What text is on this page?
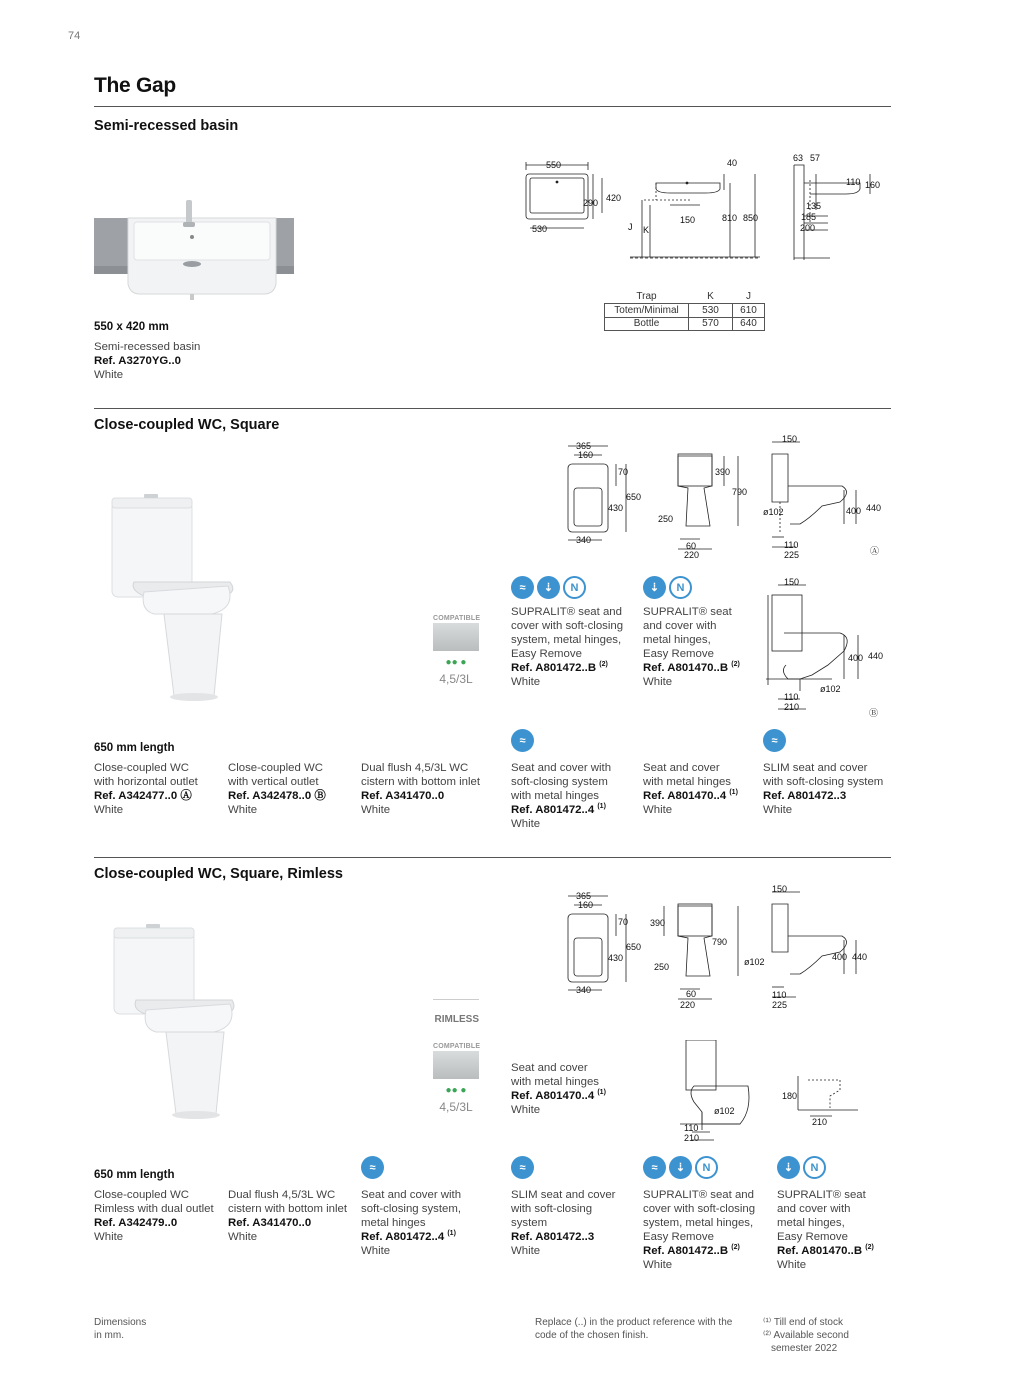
74
The Gap
Semi-recessed basin
550
420
290
530
40
150	810 850
J K
63 57
110 160
135
185
200
Trap	K	J
Totem/Minimal	530	610
Bottle	570	640
550 x 420 mm
Semi-recessed basin
Ref. A3270YG..0
White
Close-coupled WC, Square
COMPATIBLE
●● ●
4,5/3L
365
160
70
650
430
340
390
790
250
60
220
150
ø102	400 440
110
225	Ⓐ
150
400 440
ø102
110
210
Ⓑ
≈	⇣	N	⇣	N
SUPRALIT® seat and
cover with soft-closing
system, metal hinges,
Easy Remove
Ref. A801472..B $^{(2)}$
White
SUPRALIT® seat
and cover with
metal hinges,
Easy Remove
Ref. A801470..B $^{(2)}$
White
≈	≈
650 mm length
Close-coupled WC
with horizontal outlet
Ref. A342477..0 Ⓐ
White
Close-coupled WC
with vertical outlet
Ref. A342478..0 Ⓑ
White
Dual flush 4,5/3L WC
cistern with bottom inlet
Ref. A341470..0
White
Seat and cover with
soft-closing system
with metal hinges
Ref. A801472..4 $^{(1)}$
White
Seat and cover
with metal hinges
Ref. A801470..4 $^{(1)}$
White
SLIM seat and cover
with soft-closing system
Ref. A801472..3
White
Close-coupled WC, Square, Rimless
RIMLESS
COMPATIBLE
●● ●
4,5/3L
365
160
70
650
430
340
390
790
250
60
220
150
ø102	400 440
110
225
ø102
110
210
180
210
Seat and cover
with metal hinges
Ref. A801470..4 $^{(1)}$
White
≈	≈	≈	⇣	N	⇣	N
650 mm length
Close-coupled WC
Rimless with dual outlet
Ref. A342479..0
White
Dual flush 4,5/3L WC
cistern with bottom inlet
Ref. A341470..0
White
Seat and cover with
soft-closing system,
metal hinges
Ref. A801472..4 $^{(1)}$
White
SLIM seat and cover
with soft-closing
system
Ref. A801472..3
White
SUPRALIT® seat and
cover with soft-closing
system, metal hinges,
Easy Remove
Ref. A801472..B $^{(2)}$
White
SUPRALIT® seat
and cover with
metal hinges,
Easy Remove
Ref. A801470..B $^{(2)}$
White
Dimensions
in mm.
Replace (..) in the product reference with the
code of the chosen finish.
⁽¹⁾ Till end of stock
⁽²⁾ Available second
semester 2022
